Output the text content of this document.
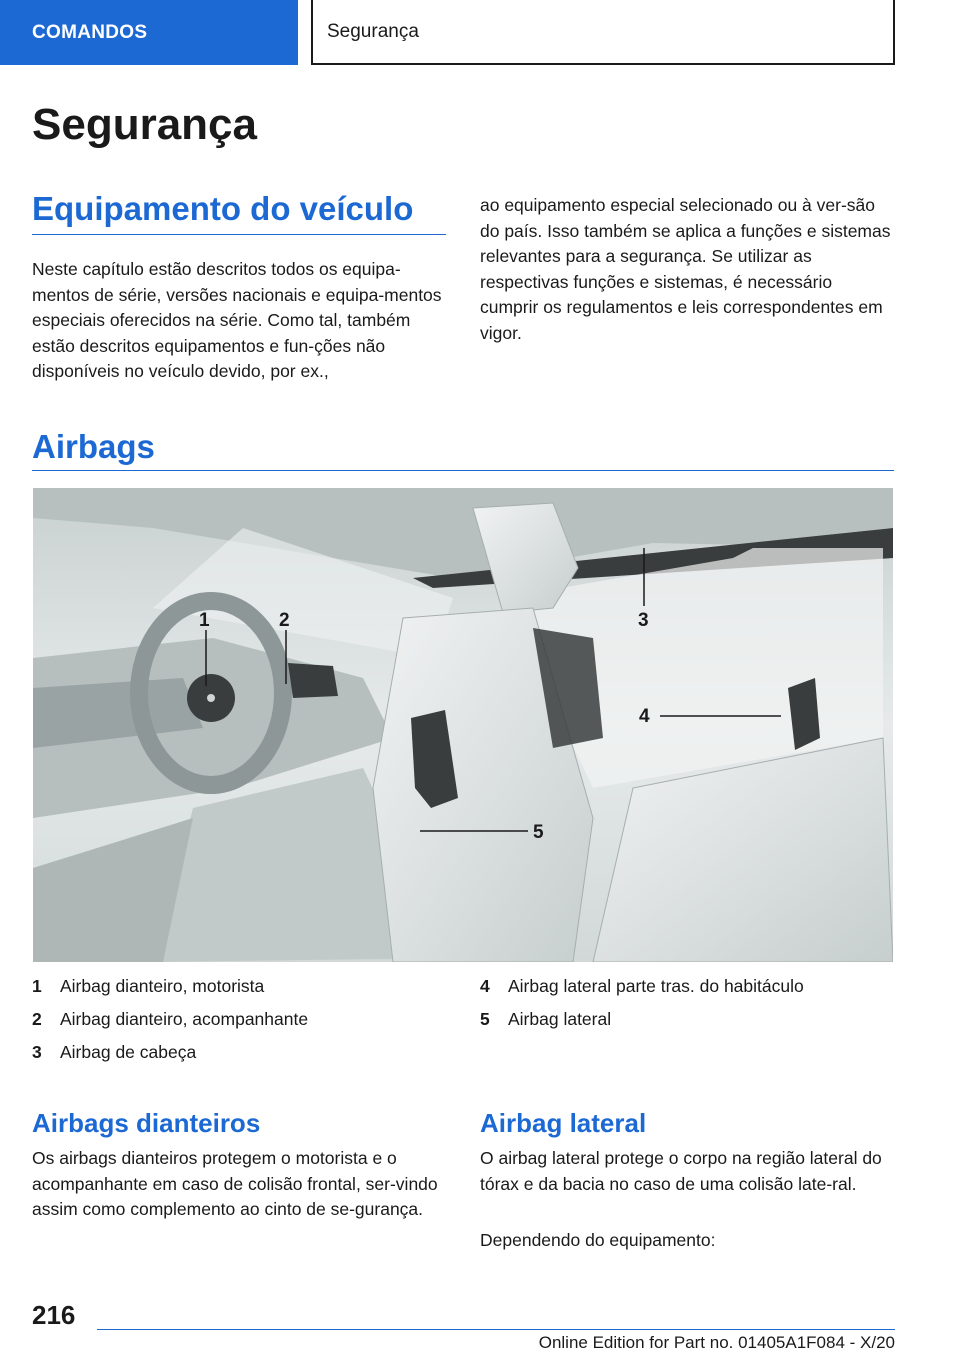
COMANDOS	Segurança
Segurança
Equipamento do veículo

Neste capítulo estão descritos todos os equipa-mentos de série, versões nacionais e equipa-mentos especiais oferecidos na série. Como tal, também estão descritos equipamentos e fun-ções não disponíveis no veículo devido, por ex.,

ao equipamento especial selecionado ou à ver-são do país. Isso também se aplica a funções e sistemas relevantes para a segurança. Se utilizar as respectivas funções e sistemas, é necessário cumprir os regulamentos e leis correspondentes em vigor.

Airbags
1	2	3
4
5
1	Airbag dianteiro, motorista
2	Airbag dianteiro, acompanhante
3	Airbag de cabeça
4	Airbag lateral parte tras. do habitáculo
5	Airbag lateral
Airbags dianteiros

Os airbags dianteiros protegem o motorista e o acompanhante em caso de colisão frontal, ser-vindo assim como complemento ao cinto de se-gurança.

Airbag lateral

O airbag lateral protege o corpo na região lateral do tórax e da bacia no caso de uma colisão late-ral.

Dependendo do equipamento:

216
Online Edition for Part no. 01405A1F084 - X/20
